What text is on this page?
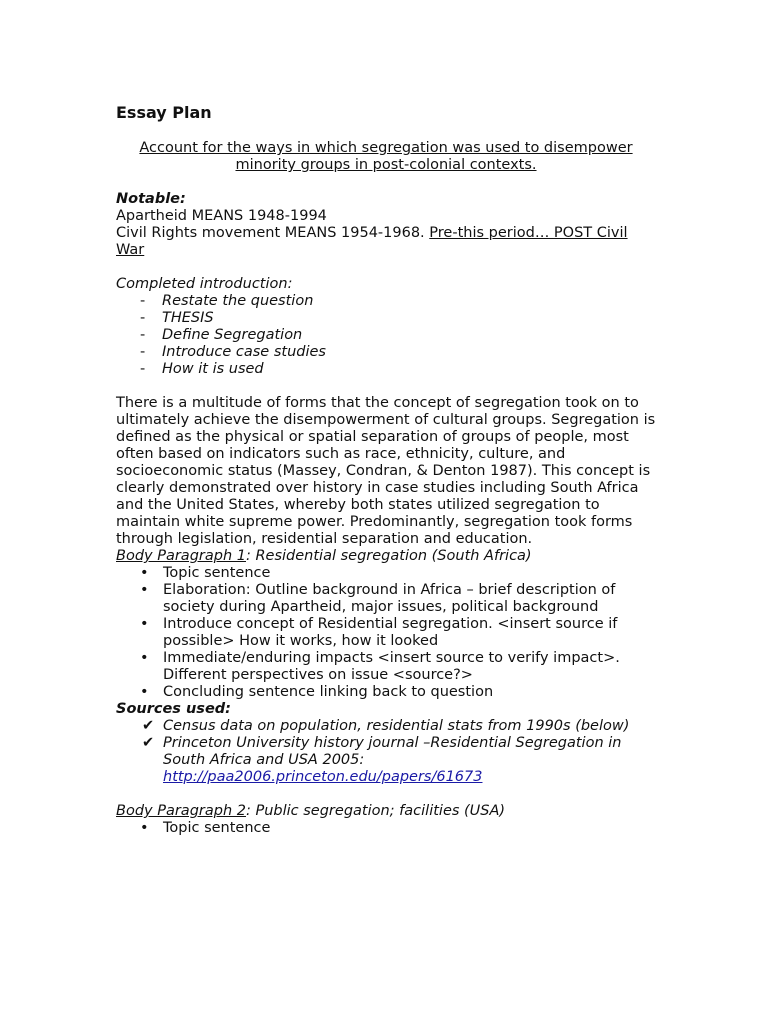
Essay Plan
Account for the ways in which segregation was used to disempower minority groups in post-colonial contexts.
Notable:
Apartheid MEANS 1948-1994
Civil Rights movement MEANS 1954-1968. Pre-this period… POST Civil War
Completed introduction:
- Restate the question
- THESIS
- Define Segregation
- Introduce case studies
- How it is used

There is a multitude of forms that the concept of segregation took on to ultimately achieve the disempowerment of cultural groups. Segregation is defined as the physical or spatial separation of groups of people, most often based on indicators such as race, ethnicity, culture, and socioeconomic status (Massey, Condran, & Denton 1987). This concept is clearly demonstrated over history in case studies including South Africa and the United States, whereby both states utilized segregation to maintain white supreme power. Predominantly, segregation took forms through legislation, residential separation and education.

Body Paragraph 1: Residential segregation (South Africa)
• Topic sentence
• Elaboration: Outline background in Africa – brief description of society during Apartheid, major issues, political background
• Introduce concept of Residential segregation. <insert source if possible> How it works, how it looked
• Immediate/enduring impacts <insert source to verify impact>. Different perspectives on issue <source?>
• Concluding sentence linking back to question
Sources used:
✔ Census data on population, residential stats from 1990s (below)
✔ Princeton University history journal –Residential Segregation in South Africa and USA 2005:
http://paa2006.princeton.edu/papers/61673
Body Paragraph 2: Public segregation; facilities (USA)
• Topic sentence
